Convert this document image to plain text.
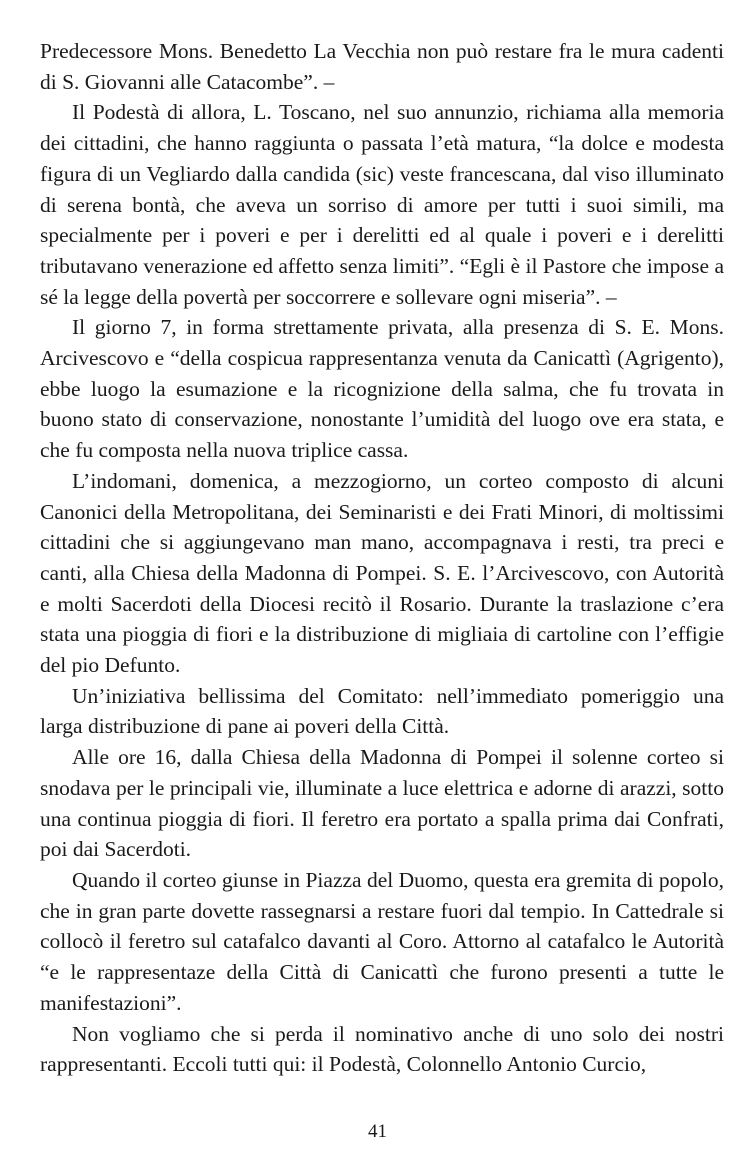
Predecessore Mons. Benedetto La Vecchia non può restare fra le mura cadenti di S. Giovanni alle Catacombe”. –

Il Podestà di allora, L. Toscano, nel suo annunzio, richiama alla memoria dei cittadini, che hanno raggiunta o passata l’età matura, “la dolce e modesta figura di un Vegliardo dalla candida (sic) veste francescana, dal viso illuminato di serena bontà, che aveva un sorriso di amore per tutti i suoi simili, ma specialmente per i poveri e per i derelitti ed al quale i poveri e i derelitti tributavano venerazione ed affetto senza limiti”. “Egli è il Pastore che impose a sé la legge della povertà per soccorrere e sollevare ogni miseria”. –

Il giorno 7, in forma strettamente privata, alla presenza di S. E. Mons. Arcivescovo e “della cospicua rappresentanza venuta da Canicattì (Agrigento), ebbe luogo la esumazione e la ricognizione della salma, che fu trovata in buono stato di conservazione, nonostante l’umidità del luogo ove era stata, e che fu composta nella nuova triplice cassa.

L’indomani, domenica, a mezzogiorno, un corteo composto di alcuni Canonici della Metropolitana, dei Seminaristi e dei Frati Minori, di moltissimi cittadini che si aggiungevano man mano, accompagnava i resti, tra preci e canti, alla Chiesa della Madonna di Pompei. S. E. l’Arcivescovo, con Autorità e molti Sacerdoti della Diocesi recitò il Rosario. Durante la traslazione c’era stata una pioggia di fiori e la distribuzione di migliaia di cartoline con l’effigie del pio Defunto.

Un’iniziativa bellissima del Comitato: nell’immediato pomeriggio una larga distribuzione di pane ai poveri della Città.

Alle ore 16, dalla Chiesa della Madonna di Pompei il solenne corteo si snodava per le principali vie, illuminate a luce elettrica e adorne di arazzi, sotto una continua pioggia di fiori. Il feretro era portato a spalla prima dai Confrati, poi dai Sacerdoti.

Quando il corteo giunse in Piazza del Duomo, questa era gremita di popolo, che in gran parte dovette rassegnarsi a restare fuori dal tempio. In Cattedrale si collocò il feretro sul catafalco davanti al Coro. Attorno al catafalco le Autorità “e le rappresentaze della Città di Canicattì che furono presenti a tutte le manifestazioni”.

Non vogliamo che si perda il nominativo anche di uno solo dei nostri rappresentanti. Eccoli tutti qui: il Podestà, Colonnello Antonio Curcio,

41
